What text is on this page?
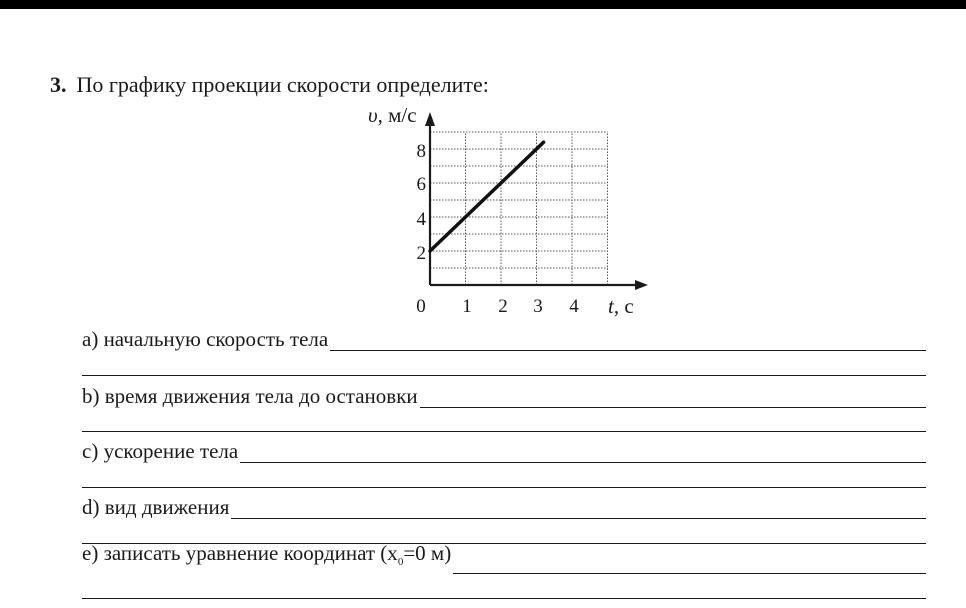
3. По графику проекции скорости определите:
1 2 3 4
2
4
6
8
0
υ, м/с
t, с
а) начальную скорость тела
b) время движения тела до остановки
c) ускорение тела
d) вид движения
e) записать уравнение координат ($x_0=0$ м)
